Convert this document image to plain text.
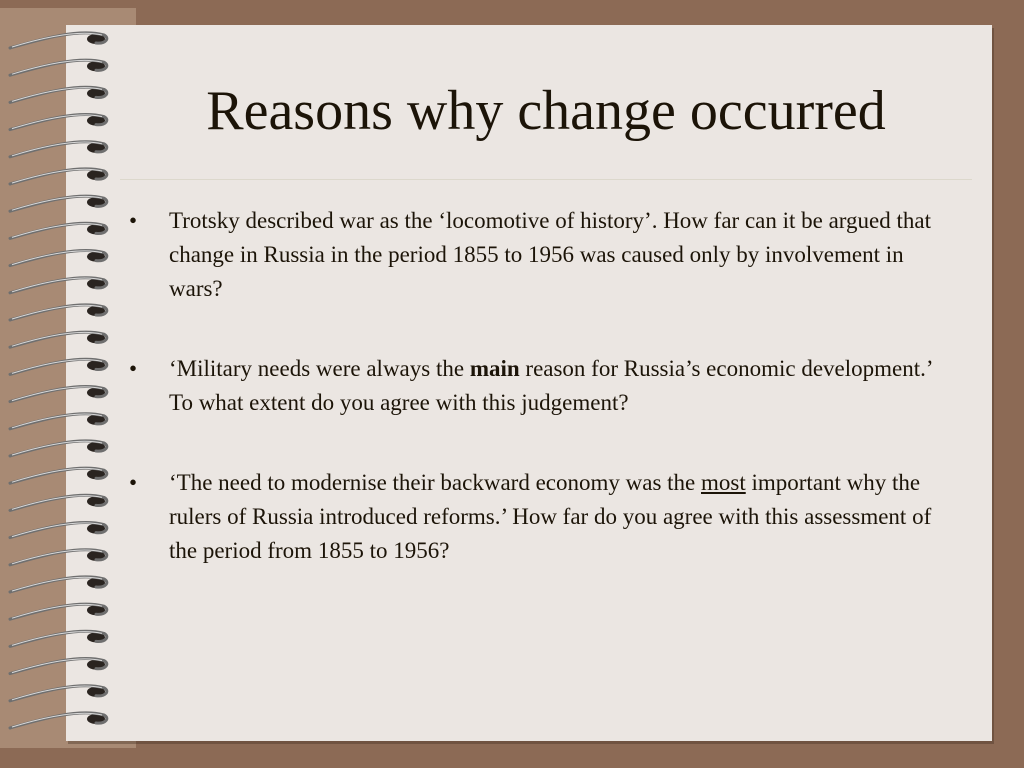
Reasons why change occurred
• Trotsky described war as the ‘locomotive of history’. How far can it be argued that change in Russia in the period 1855 to 1956 was caused only by involvement in wars?
• ‘Military needs were always the main reason for Russia’s economic development.’ To what extent do you agree with this judgement?
• ‘The need to modernise their backward economy was the most important why the rulers of Russia introduced reforms.’ How far do you agree with this assessment of the period from 1855 to 1956?
